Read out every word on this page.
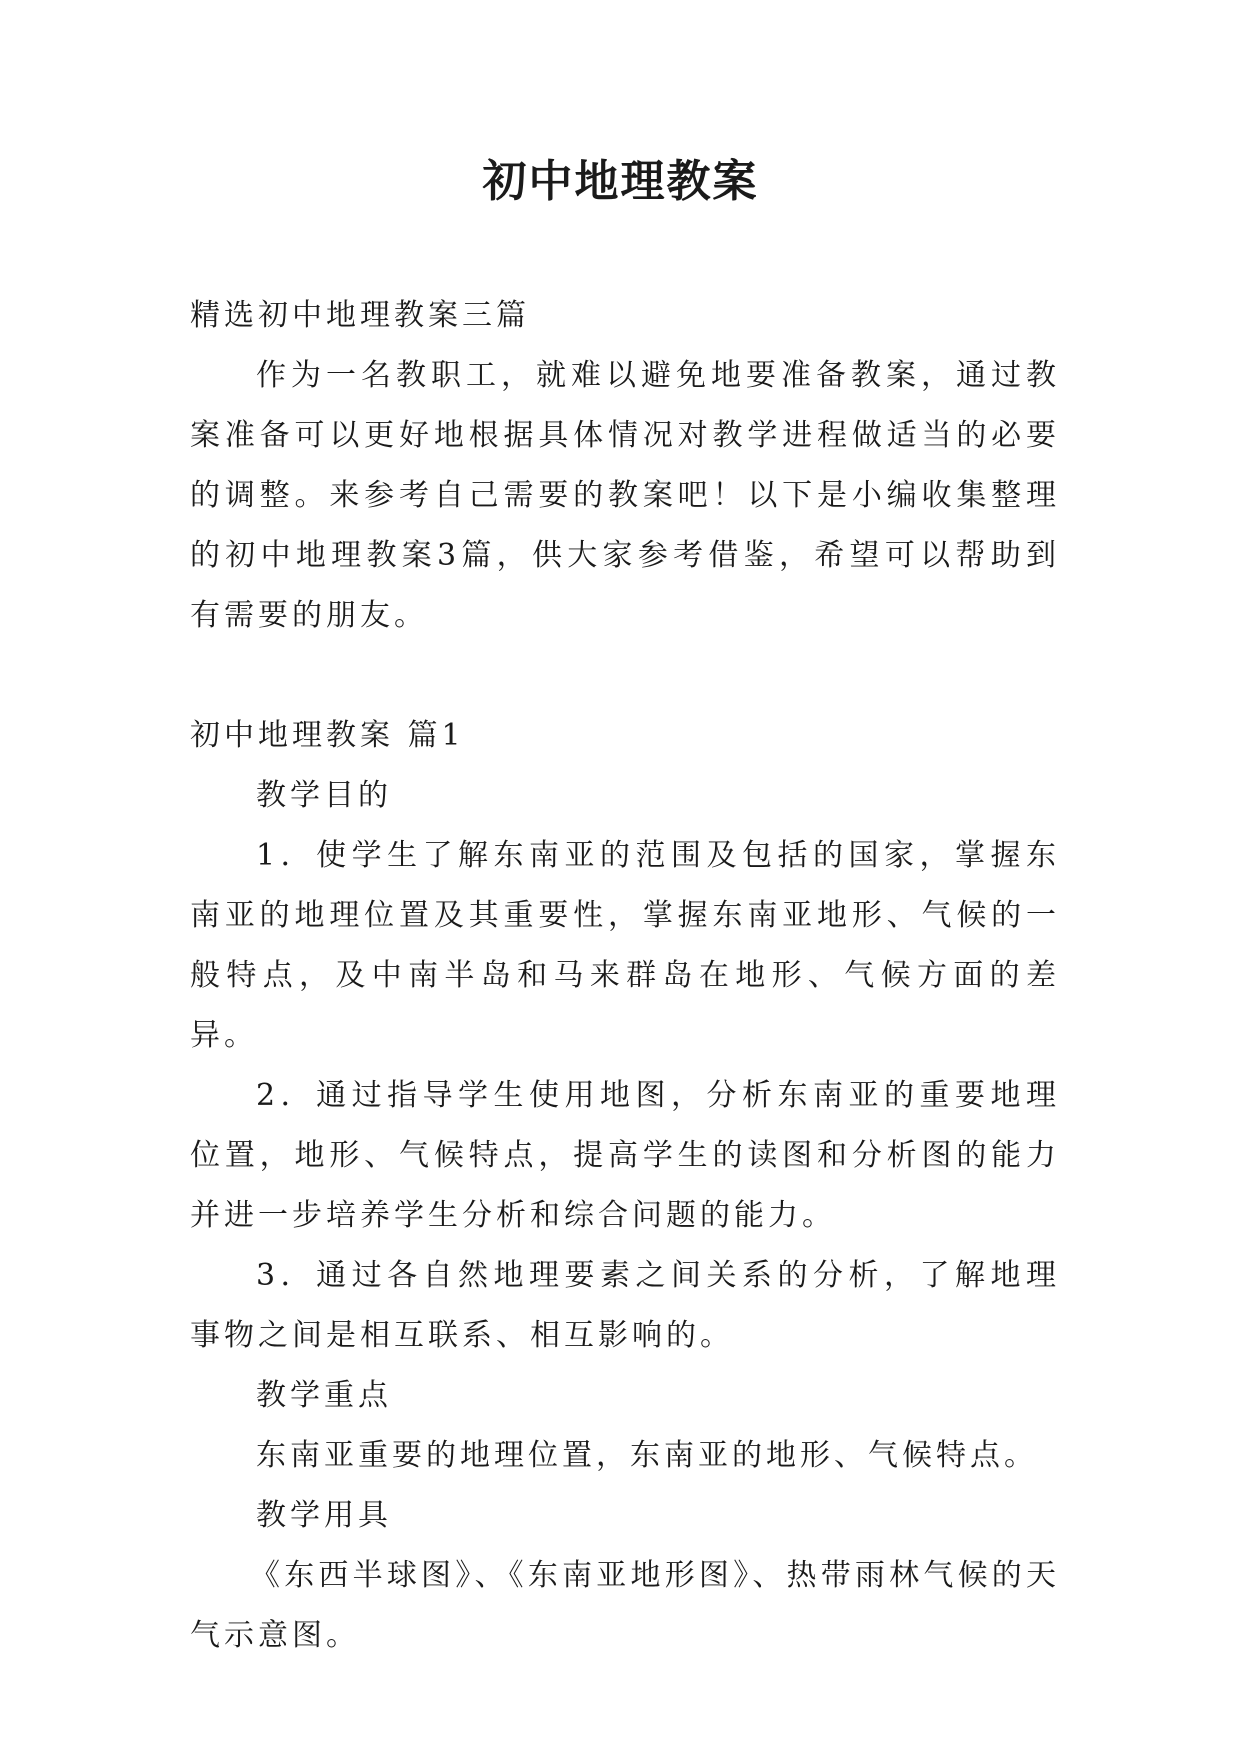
初中地理教案

精选初中地理教案三篇

作为一名教职工，就难以避免地要准备教案，通过教案准备可以更好地根据具体情况对教学进程做适当的必要的调整。来参考自己需要的教案吧！以下是小编收集整理的初中地理教案3篇，供大家参考借鉴，希望可以帮助到有需要的朋友。

初中地理教案 篇1

教学目的

1．使学生了解东南亚的范围及包括的国家，掌握东南亚的地理位置及其重要性，掌握东南亚地形、气候的一般特点，及中南半岛和马来群岛在地形、气候方面的差异。

2．通过指导学生使用地图，分析东南亚的重要地理位置，地形、气候特点，提高学生的读图和分析图的能力并进一步培养学生分析和综合问题的能力。

3．通过各自然地理要素之间关系的分析，了解地理事物之间是相互联系、相互影响的。

教学重点

东南亚重要的地理位置，东南亚的地形、气候特点。

教学用具

《东西半球图》、《东南亚地形图》、热带雨林气候的天气示意图。
